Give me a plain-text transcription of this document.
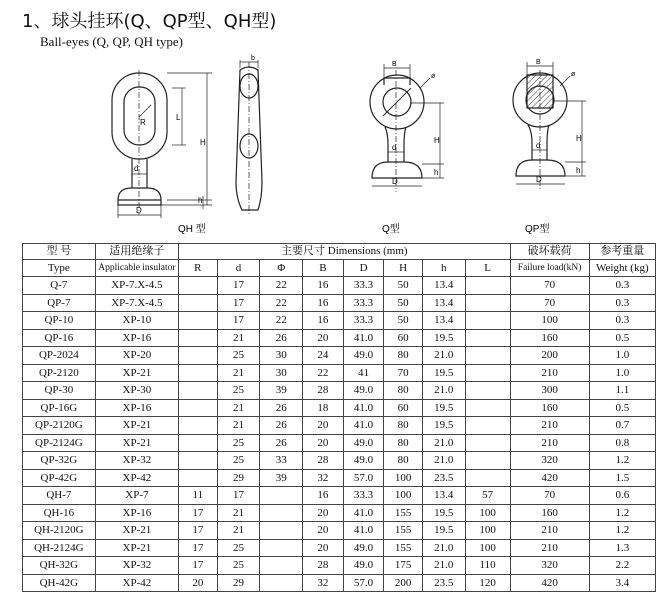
1、球头挂环(Q、QP型、QH型)
Ball-eyes (Q, QP, QH type)
L
R
H
d
h
D
QH 型
b
B
ø
H
h
d
D
Q型
B
ø
H
h
d
D
QP型
型 号	适用绝缘子	主要尺寸 Dimensions (mm)								破坏载荷	参考重量
Type	Applicable insulator	R	d	Φ	B	D	H	h	L	Failure load(kN)	Weight (kg)
Q-7	XP-7.X-4.5		17	22	16	33.3	50	13.4		70	0.3
QP-7	XP-7.X-4.5		17	22	16	33.3	50	13.4		70	0.3
QP-10	XP-10		17	22	16	33.3	50	13.4		100	0.3
QP-16	XP-16		21	26	20	41.0	60	19.5		160	0.5
QP-2024	XP-20		25	30	24	49.0	80	21.0		200	1.0
QP-2120	XP-21		21	30	22	41	70	19.5		210	1.0
QP-30	XP-30		25	39	28	49.0	80	21.0		300	1.1
QP-16G	XP-16		21	26	18	41.0	60	19.5		160	0.5
QP-2120G	XP-21		21	26	20	41.0	80	19.5		210	0.7
QP-2124G	XP-21		25	26	20	49.0	80	21.0		210	0.8
QP-32G	XP-32		25	33	28	49.0	80	21.0		320	1.2
QP-42G	XP-42		29	39	32	57.0	100	23.5		420	1.5
QH-7	XP-7	11	17		16	33.3	100	13.4	57	70	0.6
QH-16	XP-16	17	21		20	41.0	155	19.5	100	160	1.2
QH-2120G	XP-21	17	21		20	41.0	155	19.5	100	210	1.2
QH-2124G	XP-21	17	25		20	49.0	155	21.0	100	210	1.3
QH-32G	XP-32	17	25		28	49.0	175	21.0	110	320	2.2
QH-42G	XP-42	20	29		32	57.0	200	23.5	120	420	3.4
